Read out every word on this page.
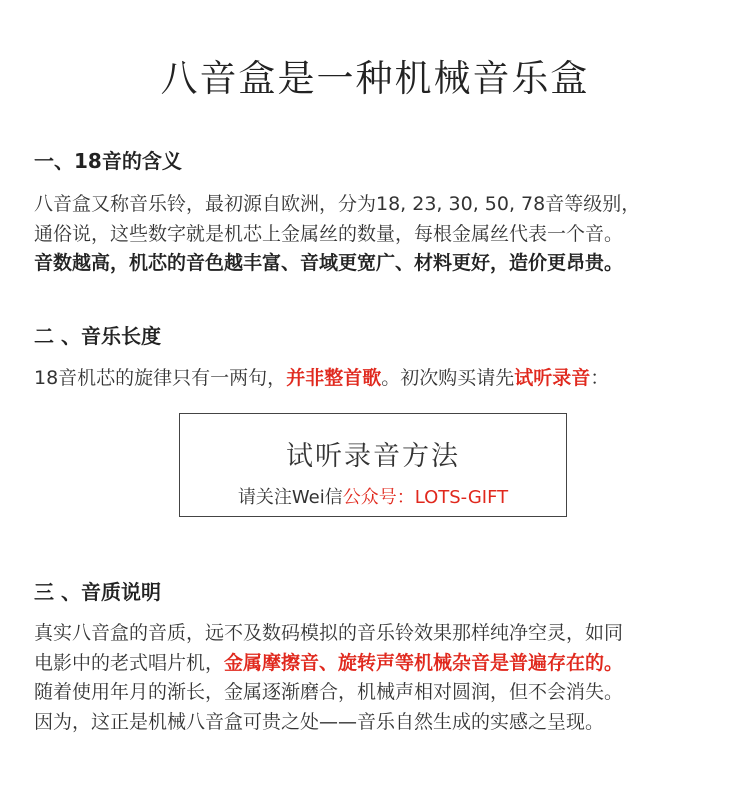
八音盒是一种机械音乐盒
一、18音的含义

八音盒又称音乐铃，最初源自欧洲，分为18, 23, 30, 50, 78音等级别，

通俗说，这些数字就是机芯上金属丝的数量，每根金属丝代表一个音。

音数越高，机芯的音色越丰富、音域更宽广、材料更好，造价更昂贵。

二 、音乐长度

18音机芯的旋律只有一两句，并非整首歌。初次购买请先试听录音：

试听录音方法
请关注Wei信公众号：LOTS-GIFT
三 、音质说明

真实八音盒的音质，远不及数码模拟的音乐铃效果那样纯净空灵，如同

电影中的老式唱片机，金属摩擦音、旋转声等机械杂音是普遍存在的。

随着使用年月的渐长，金属逐渐磨合，机械声相对圆润，但不会消失。

因为，这正是机械八音盒可贵之处——音乐自然生成的实感之呈现。
